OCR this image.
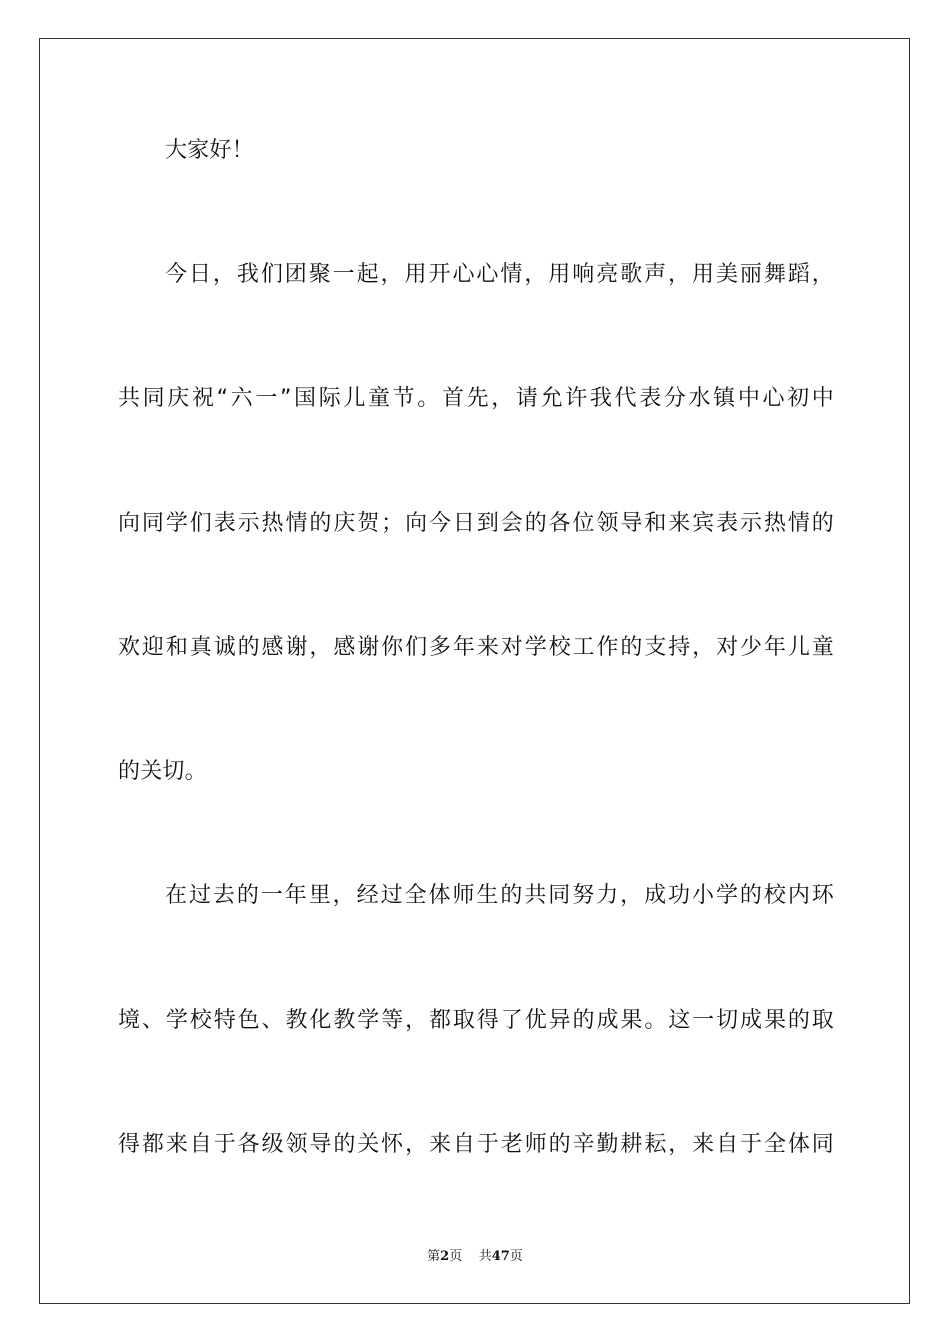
大家好！
今日，我们团聚一起，用开心心情，用响亮歌声，用美丽舞蹈，
共同庆祝“六一”国际儿童节。首先，请允许我代表分水镇中心初中
向同学们表示热情的庆贺；向今日到会的各位领导和来宾表示热情的
欢迎和真诚的感谢，感谢你们多年来对学校工作的支持，对少年儿童
的关切。
在过去的一年里，经过全体师生的共同努力，成功小学的校内环
境、学校特色、教化教学等，都取得了优异的成果。这一切成果的取
得都来自于各级领导的关怀，来自于老师的辛勤耕耘，来自于全体同
第2页 共47页
